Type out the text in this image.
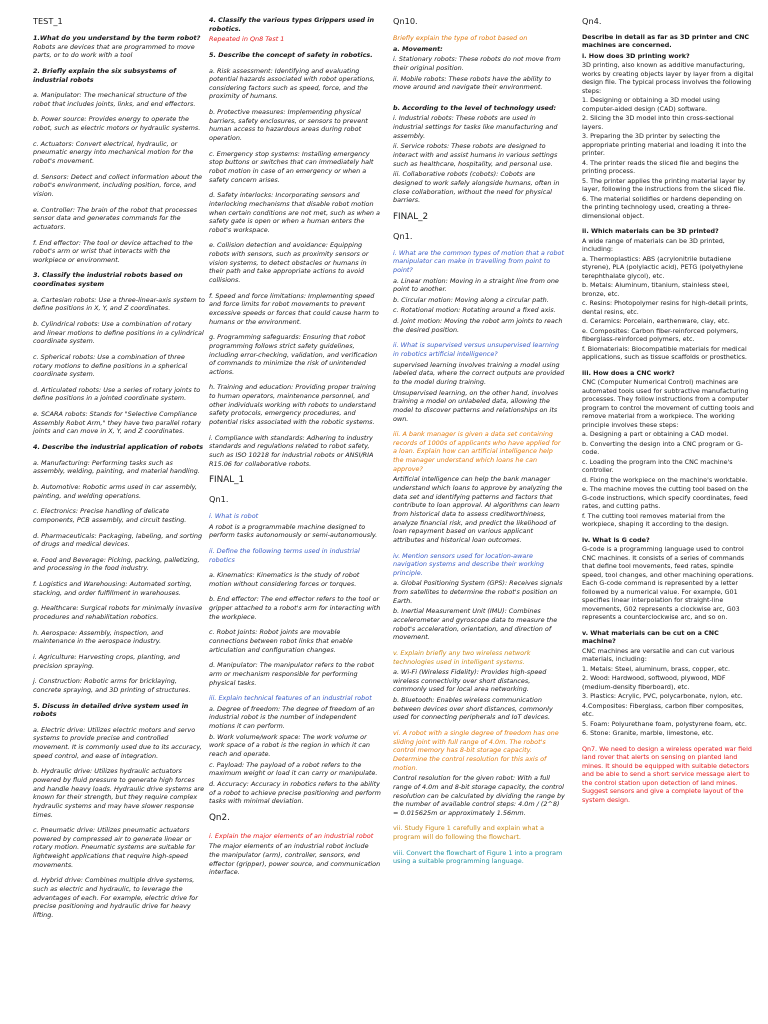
TEST_1

1.What do you understand by the term robot?
Robots are devices that are programmed to move parts, or to do work with a tool

2. Briefly explain the six subsystems of industrial robots

a. Manipulator: The mechanical structure of the robot that includes joints, links, and end effectors.

b. Power source: Provides energy to operate the robot, such as electric motors or hydraulic systems.

c. Actuators: Convert electrical, hydraulic, or pneumatic energy into mechanical motion for the robot's movement.

d. Sensors: Detect and collect information about the robot's environment, including position, force, and vision.

e. Controller: The brain of the robot that processes sensor data and generates commands for the actuators.

f. End effector: The tool or device attached to the robot's arm or wrist that interacts with the workpiece or environment.

3. Classify the industrial robots based on coordinates system

a. Cartesian robots: Use a three-linear-axis system to define positions in X, Y, and Z coordinates.

b. Cylindrical robots: Use a combination of rotary and linear motions to define positions in a cylindrical coordinate system.

c. Spherical robots: Use a combination of three rotary motions to define positions in a spherical coordinate system.

d. Articulated robots: Use a series of rotary joints to define positions in a jointed coordinate system.

e. SCARA robots: Stands for "Selective Compliance Assembly Robot Arm," they have two parallel rotary joints and can move in X, Y, and Z coordinates.

4. Describe the industrial application of robots

a. Manufacturing: Performing tasks such as assembly, welding, painting, and material handling.

b. Automotive: Robotic arms used in car assembly, painting, and welding operations.

c. Electronics: Precise handling of delicate components, PCB assembly, and circuit testing.

d. Pharmaceuticals: Packaging, labeling, and sorting of drugs and medical devices.

e. Food and Beverage: Picking, packing, palletizing, and processing in the food industry.

f. Logistics and Warehousing: Automated sorting, stacking, and order fulfillment in warehouses.

g. Healthcare: Surgical robots for minimally invasive procedures and rehabilitation robotics.

h. Aerospace: Assembly, inspection, and maintenance in the aerospace industry.

i. Agriculture: Harvesting crops, planting, and precision spraying.

j. Construction: Robotic arms for bricklaying, concrete spraying, and 3D printing of structures.

5. Discuss in detailed drive system used in robots

a. Electric drive: Utilizes electric motors and servo systems to provide precise and controlled movement. It is commonly used due to its accuracy, speed control, and ease of integration.

b. Hydraulic drive: Utilizes hydraulic actuators powered by fluid pressure to generate high forces and handle heavy loads. Hydraulic drive systems are known for their strength, but they require complex hydraulic systems and may have slower response times.

c. Pneumatic drive: Utilizes pneumatic actuators powered by compressed air to generate linear or rotary motion. Pneumatic systems are suitable for lightweight applications that require high-speed movements.

d. Hybrid drive: Combines multiple drive systems, such as electric and hydraulic, to leverage the advantages of each. For example, electric drive for precise positioning and hydraulic drive for heavy lifting.

4. Classify the various types Grippers used in robotics.

Repeated in Qn8 Test 1

5. Describe the concept of safety in robotics.

a. Risk assessment: Identifying and evaluating potential hazards associated with robot operations, considering factors such as speed, force, and the proximity of humans.

b. Protective measures: Implementing physical barriers, safety enclosures, or sensors to prevent human access to hazardous areas during robot operation.

c. Emergency stop systems: Installing emergency stop buttons or switches that can immediately halt robot motion in case of an emergency or when a safety concern arises.

d. Safety interlocks: Incorporating sensors and interlocking mechanisms that disable robot motion when certain conditions are not met, such as when a safety gate is open or when a human enters the robot's workspace.

e. Collision detection and avoidance: Equipping robots with sensors, such as proximity sensors or vision systems, to detect obstacles or humans in their path and take appropriate actions to avoid collisions.

f. Speed and force limitations: Implementing speed and force limits for robot movements to prevent excessive speeds or forces that could cause harm to humans or the environment.

g. Programming safeguards: Ensuring that robot programming follows strict safety guidelines, including error-checking, validation, and verification of commands to minimize the risk of unintended actions.

h. Training and education: Providing proper training to human operators, maintenance personnel, and other individuals working with robots to understand safety protocols, emergency procedures, and potential risks associated with the robotic systems.

i. Compliance with standards: Adhering to industry standards and regulations related to robot safety, such as ISO 10218 for industrial robots or ANSI/RIA R15.06 for collaborative robots.

FINAL_1

Qn1.

i. What is robot

A robot is a programmable machine designed to perform tasks autonomously or semi-autonomously.

ii. Define the following terms used in industrial robotics

a. Kinematics: Kinematics is the study of robot motion without considering forces or torques.

b. End effector: The end effector refers to the tool or gripper attached to a robot's arm for interacting with the workpiece.

c. Robot Joints: Robot joints are movable connections between robot links that enable articulation and configuration changes.

d. Manipulator: The manipulator refers to the robot arm or mechanism responsible for performing physical tasks.

iii. Explain technical features of an industrial robot

a. Degree of freedom: The degree of freedom of an industrial robot is the number of independent motions it can perform.

b. Work volume/work space: The work volume or work space of a robot is the region in which it can reach and operate.

c. Payload: The payload of a robot refers to the maximum weight or load it can carry or manipulate.

d. Accuracy: Accuracy in robotics refers to the ability of a robot to achieve precise positioning and perform tasks with minimal deviation.

Qn2.

i. Explain the major elements of an industrial robot

The major elements of an industrial robot include the manipulator (arm), controller, sensors, end effector (gripper), power source, and communication interface.

Qn10.

Briefly explain the type of robot based on

a. Movement:

i. Stationary robots: These robots do not move from their original position.

ii. Mobile robots: These robots have the ability to move around and navigate their environment.

b. According to the level of technology used:

i. Industrial robots: These robots are used in industrial settings for tasks like manufacturing and assembly.

ii. Service robots: These robots are designed to interact with and assist humans in various settings such as healthcare, hospitality, and personal use.

iii. Collaborative robots (cobots): Cobots are designed to work safely alongside humans, often in close collaboration, without the need for physical barriers.

FINAL_2

Qn1.

i. What are the common types of motion that a robot manipulator can make in travelling from point to point?

a. Linear motion: Moving in a straight line from one point to another.

b. Circular motion: Moving along a circular path.

c. Rotational motion: Rotating around a fixed axis.

d. Joint motion: Moving the robot arm joints to reach the desired position.

ii. What is supervised versus unsupervised learning in robotics artificial intelligence?

supervised learning involves training a model using labeled data, where the correct outputs are provided to the model during training.

Unsupervised learning, on the other hand, involves training a model on unlabeled data, allowing the model to discover patterns and relationships on its own.

iii. A bank manager is given a data set containing records of 1000s of applicants who have applied for a loan. Explain how can artificial intelligence help the manager understand which loans he can approve?

Artificial intelligence can help the bank manager understand which loans to approve by analyzing the data set and identifying patterns and factors that contribute to loan approval. AI algorithms can learn from historical data to assess creditworthiness, analyze financial risk, and predict the likelihood of loan repayment based on various applicant attributes and historical loan outcomes.

iv. Mention sensors used for location-aware navigation systems and describe their working principle.

a. Global Positioning System (GPS): Receives signals from satellites to determine the robot's position on Earth.

b. Inertial Measurement Unit (IMU): Combines accelerometer and gyroscope data to measure the robot's acceleration, orientation, and direction of movement.

v. Explain briefly any two wireless network technologies used in intelligent systems.

a. Wi-Fi (Wireless Fidelity): Provides high-speed wireless connectivity over short distances, commonly used for local area networking.

b. Bluetooth: Enables wireless communication between devices over short distances, commonly used for connecting peripherals and IoT devices.

vi. A robot with a single degree of freedom has one sliding joint with full range of 4.0m. The robot's control memory has 8-bit storage capacity. Determine the control resolution for this axis of motion.

Control resolution for the given robot: With a full range of 4.0m and 8-bit storage capacity, the control resolution can be calculated by dividing the range by the number of available control steps: 4.0m / (2^8) = 0.015625m or approximately 1.56mm.

vii. Study Figure 1 carefully and explain what a program will do following the flowchart.

viii. Convert the flowchart of Figure 1 into a program using a suitable programming language.

Qn4.

Describe in detail as far as 3D printer and CNC machines are concerned.

i. How does 3D printing work?

3D printing, also known as additive manufacturing, works by creating objects layer by layer from a digital design file. The typical process involves the following steps:

1. Designing or obtaining a 3D model using computer-aided design (CAD) software.

2. Slicing the 3D model into thin cross-sectional layers.

3. Preparing the 3D printer by selecting the appropriate printing material and loading it into the printer.

4. The printer reads the sliced file and begins the printing process.

5. The printer applies the printing material layer by layer, following the instructions from the sliced file.

6. The material solidifies or hardens depending on the printing technology used, creating a three-dimensional object.

ii. Which materials can be 3D printed?

A wide range of materials can be 3D printed, including:

a. Thermoplastics: ABS (acrylonitrile butadiene styrene), PLA (polylactic acid), PETG (polyethylene terephthalate glycol), etc.

b. Metals: Aluminum, titanium, stainless steel, bronze, etc.

c. Resins: Photopolymer resins for high-detail prints, dental resins, etc.

d. Ceramics: Porcelain, earthenware, clay, etc.

e. Composites: Carbon fiber-reinforced polymers, fiberglass-reinforced polymers, etc.

f. Biomaterials: Biocompatible materials for medical applications, such as tissue scaffolds or prosthetics.

iii. How does a CNC work?

CNC (Computer Numerical Control) machines are automated tools used for subtractive manufacturing processes. They follow instructions from a computer program to control the movement of cutting tools and remove material from a workpiece. The working principle involves these steps:

a. Designing a part or obtaining a CAD model.

b. Converting the design into a CNC program or G-code.

c. Loading the program into the CNC machine's controller.

d. Fixing the workpiece on the machine's worktable.

e. The machine moves the cutting tool based on the G-code instructions, which specify coordinates, feed rates, and cutting paths.

f. The cutting tool removes material from the workpiece, shaping it according to the design.

iv. What is G code?

G-code is a programming language used to control CNC machines. It consists of a series of commands that define tool movements, feed rates, spindle speed, tool changes, and other machining operations. Each G-code command is represented by a letter followed by a numerical value. For example, G01 specifies linear interpolation for straight-line movements, G02 represents a clockwise arc, G03 represents a counterclockwise arc, and so on.

v. What materials can be cut on a CNC machine?

CNC machines are versatile and can cut various materials, including:

1. Metals: Steel, aluminum, brass, copper, etc.

2. Wood: Hardwood, softwood, plywood, MDF (medium-density fiberboard), etc.

3. Plastics: Acrylic, PVC, polycarbonate, nylon, etc.

4.Composites: Fiberglass, carbon fiber composites, etc.

5. Foam: Polyurethane foam, polystyrene foam, etc.

6. Stone: Granite, marble, limestone, etc.

Qn7. We need to design a wireless operated war field land rover that alerts on sensing on planted land mines. It should be equipped with suitable detectors and be able to send a short service message alert to the control station upon detection of land mines. Suggest sensors and give a complete layout of the system design.
